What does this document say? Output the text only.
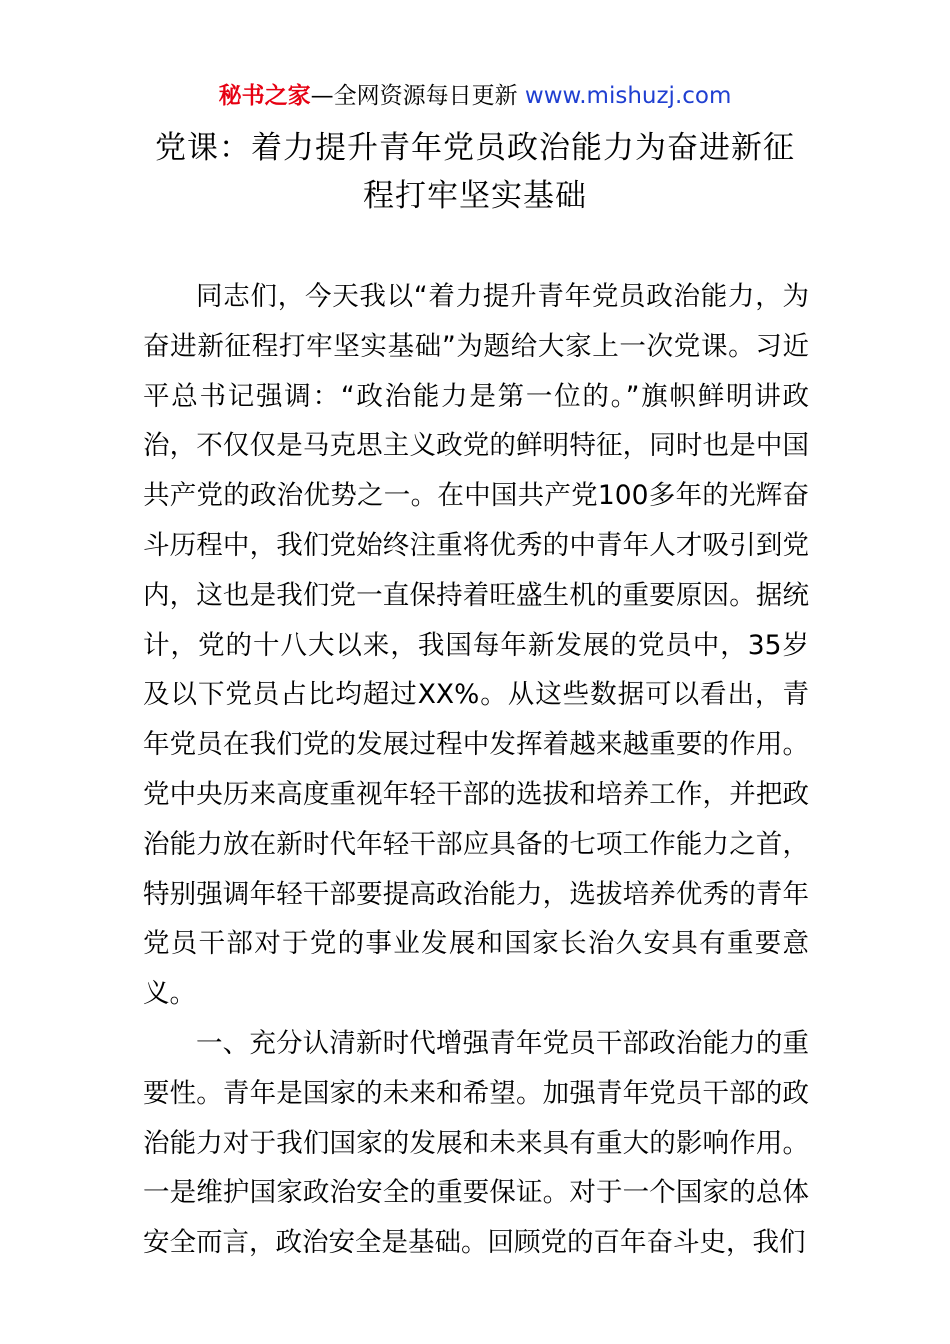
秘书之家—全网资源每日更新 www.mishuzj.com
党课：着力提升青年党员政治能力为奋进新征程打牢坚实基础

同志们，今天我以“着力提升青年党员政治能力，为奋进新征程打牢坚实基础”为题给大家上一次党课。习近平总书记强调：“政治能力是第一位的。”旗帜鲜明讲政治，不仅仅是马克思主义政党的鲜明特征，同时也是中国共产党的政治优势之一。在中国共产党100多年的光辉奋斗历程中，我们党始终注重将优秀的中青年人才吸引到党内，这也是我们党一直保持着旺盛生机的重要原因。据统计，党的十八大以来，我国每年新发展的党员中，35岁及以下党员占比均超过XX%。从这些数据可以看出，青年党员在我们党的发展过程中发挥着越来越重要的作用。党中央历来高度重视年轻干部的选拔和培养工作，并把政治能力放在新时代年轻干部应具备的七项工作能力之首，特别强调年轻干部要提高政治能力，选拔培养优秀的青年党员干部对于党的事业发展和国家长治久安具有重要意义。

一、充分认清新时代增强青年党员干部政治能力的重要性。青年是国家的未来和希望。加强青年党员干部的政治能力对于我们国家的发展和未来具有重大的影响作用。一是维护国家政治安全的重要保证。对于一个国家的总体安全而言，政治安全是基础。回顾党的百年奋斗史，我们
